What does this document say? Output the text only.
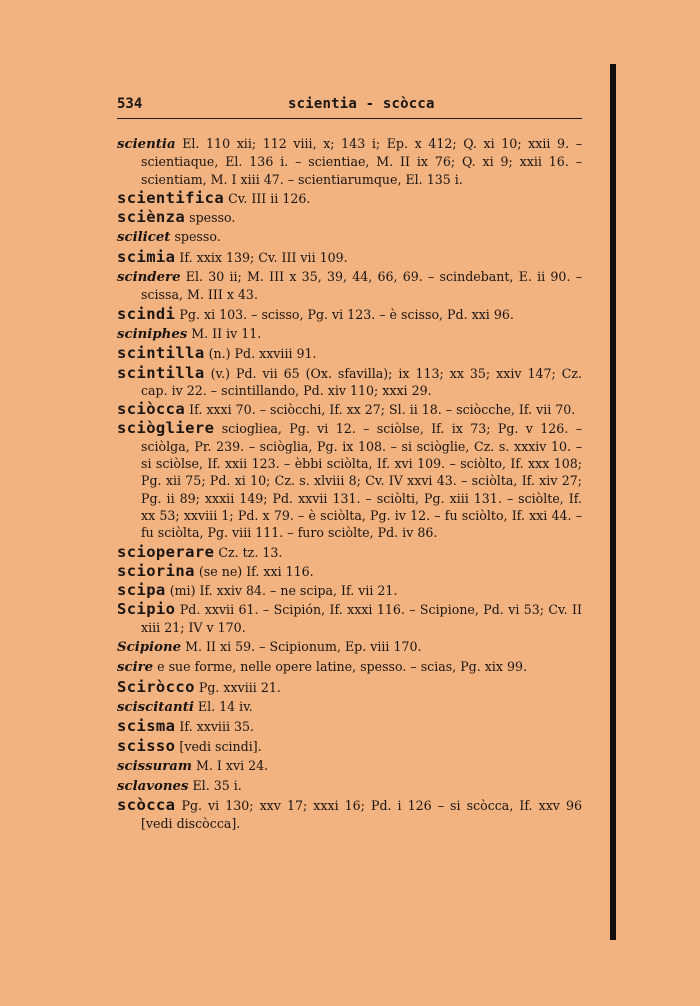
534	scientia - scòcca

scientia El. 110 xii; 112 viii, x; 143 i; Ep. x 412; Q. xi 10; xxii 9. – scientiaque, El. 136 i. – scientiae, M. II ix 76; Q. xi 9; xxii 16. – scientiam, M. I xiii 47. – scientiarumque, El. 135 i.

scientifica Cv. III ii 126.

sciènza spesso.

scilicet spesso.

scimia If. xxix 139; Cv. III vii 109.

scindere El. 30 ii; M. III x 35, 39, 44, 66, 69. – scindebant, E. ii 90. – scissa, M. III x 43.

scindi Pg. xi 103. – scisso, Pg. vi 123. – è scisso, Pd. xxi 96.

sciniphes M. II iv 11.

scintilla (n.) Pd. xxviii 91.

scintilla (v.) Pd. vii 65 (Ox. sfavilla); ix 113; xx 35; xxiv 147; Cz. cap. iv 22. – scintillando, Pd. xiv 110; xxxi 29.

sciòcca If. xxxi 70. – sciòcchi, If. xx 27; Sl. ii 18. – sciòcche, If. vii 70.

sciògliere sciogliea, Pg. vi 12. – sciòlse, If. ix 73; Pg. v 126. – sciòlga, Pr. 239. – sciòglia, Pg. ix 108. – si sciòglie, Cz. s. xxxiv 10. – si sciòlse, If. xxii 123. – èbbi sciòlta, If. xvi 109. – sciòlto, If. xxx 108; Pg. xii 75; Pd. xi 10; Cz. s. xlviii 8; Cv. IV xxvi 43. – sciòlta, If. xiv 27; Pg. ii 89; xxxii 149; Pd. xxvii 131. – sciòlti, Pg. xiii 131. – sciòlte, If. xx 53; xxviii 1; Pd. x 79. – è sciòlta, Pg. iv 12. – fu sciòlto, If. xxi 44. – fu sciòlta, Pg. viii 111. – furo sciòlte, Pd. iv 86.

scioperare Cz. tz. 13.

sciorina (se ne) If. xxi 116.

scipa (mi) If. xxiv 84. – ne scipa, If. vii 21.

Scipio Pd. xxvii 61. – Scipión, If. xxxi 116. – Scipione, Pd. vi 53; Cv. II xiii 21; IV v 170.

Scipione M. II xi 59. – Scipionum, Ep. viii 170.

scire e sue forme, nelle opere latine, spesso. – scias, Pg. xix 99.

Sciròcco Pg. xxviii 21.

sciscitanti El. 14 iv.

scisma If. xxviii 35.

scisso [vedi scindi].

scissuram M. I xvi 24.

sclavones El. 35 i.

scòcca Pg. vi 130; xxv 17; xxxi 16; Pd. i 126 – si scòcca, If. xxv 96 [vedi discòcca].
